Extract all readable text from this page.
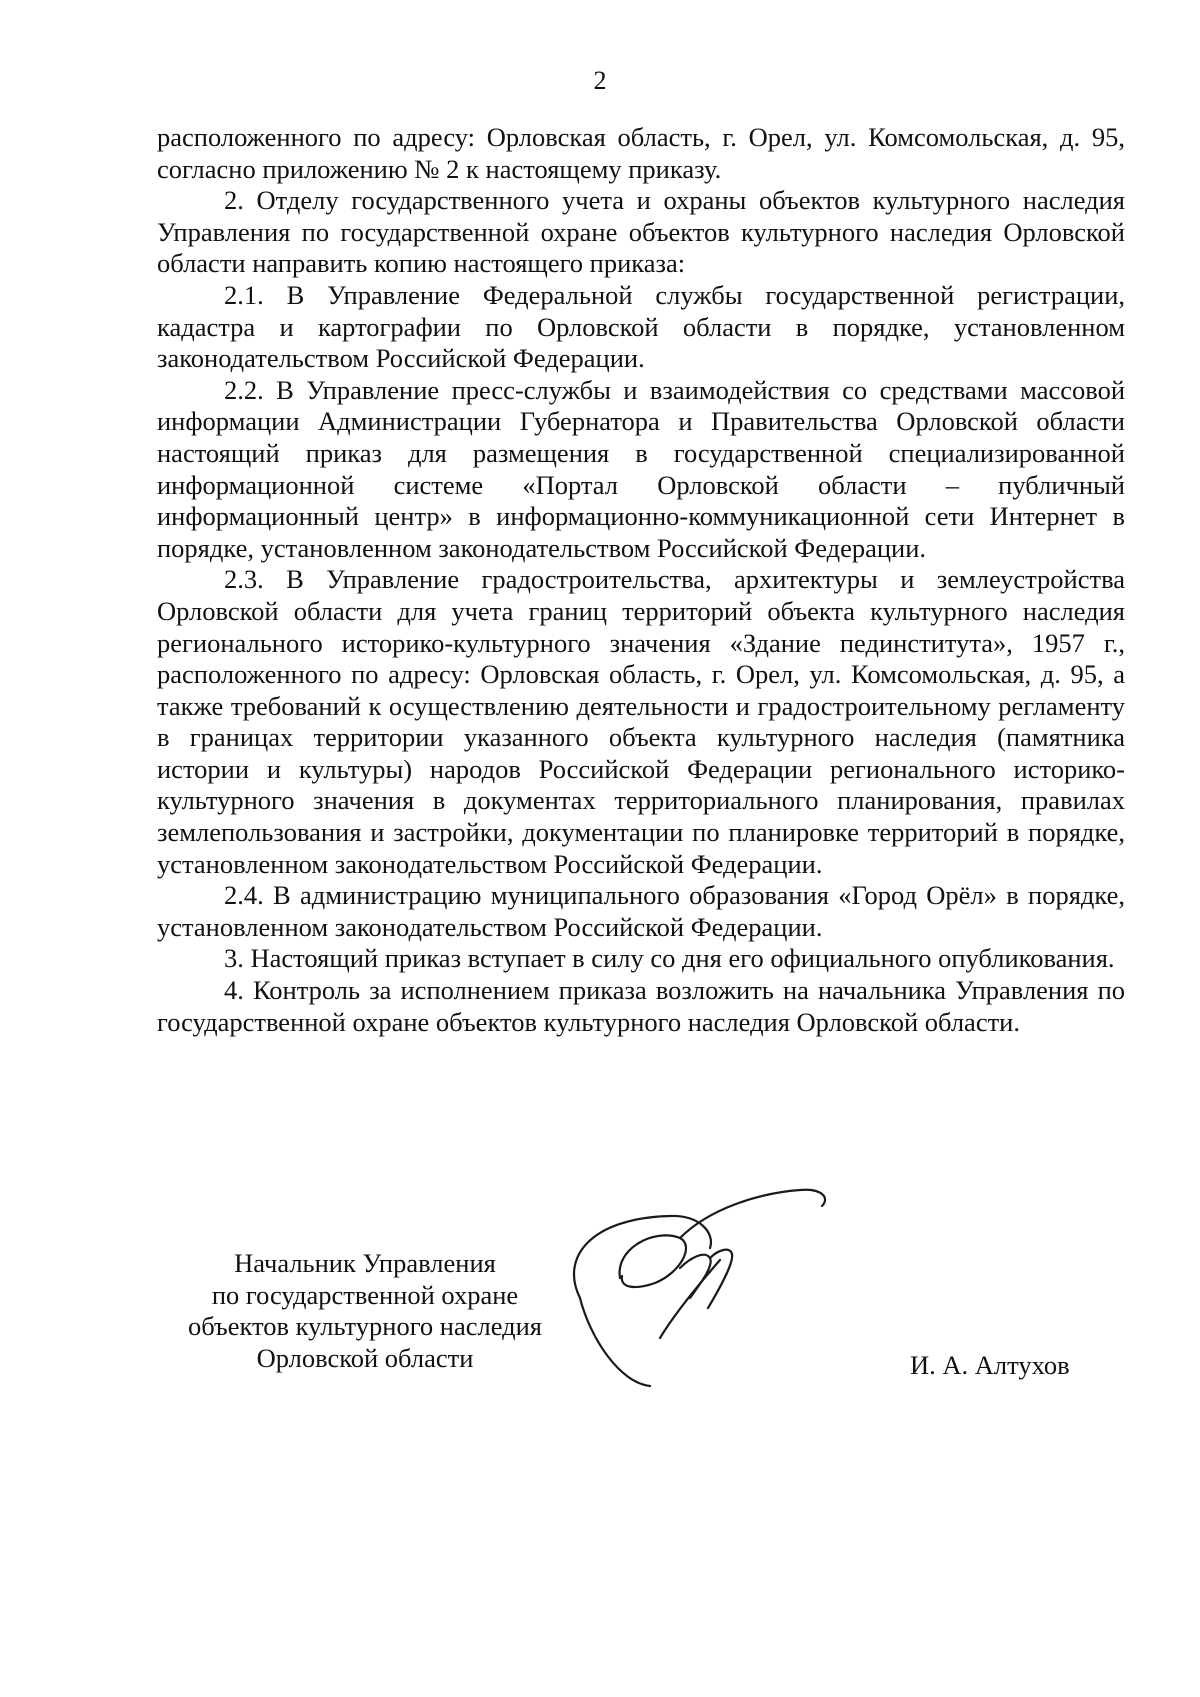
2

расположенного по адресу: Орловская область, г. Орел, ул. Комсомольская, д. 95, согласно приложению № 2 к настоящему приказу.

2. Отделу государственного учета и охраны объектов культурного наследия Управления по государственной охране объектов культурного наследия Орловской области направить копию настоящего приказа:

2.1. В Управление Федеральной службы государственной регистрации, кадастра и картографии по Орловской области в порядке, установленном законодательством Российской Федерации.

2.2. В Управление пресс-службы и взаимодействия со средствами массовой информации Администрации Губернатора и Правительства Орловской области настоящий приказ для размещения в государственной специализированной информационной системе «Портал Орловской области – публичный информационный центр» в информационно-коммуникационной сети Интернет в порядке, установленном законодательством Российской Федерации.

2.3. В Управление градостроительства, архитектуры и землеустройства Орловской области для учета границ территорий объекта культурного наследия регионального историко-культурного значения «Здание пединститута», 1957 г., расположенного по адресу: Орловская область, г. Орел, ул. Комсомольская, д. 95, а также требований к осуществлению деятельности и градостроительному регламенту в границах территории указанного объекта культурного наследия (памятника истории и культуры) народов Российской Федерации регионального историко-культурного значения в документах территориального планирования, правилах землепользования и застройки, документации по планировке территорий в порядке, установленном законодательством Российской Федерации.

2.4. В администрацию муниципального образования «Город Орёл» в порядке, установленном законодательством Российской Федерации.

3. Настоящий приказ вступает в силу со дня его официального опубликования.

4. Контроль за исполнением приказа возложить на начальника Управления по государственной охране объектов культурного наследия Орловской области.

Начальник Управления
по государственной охране
объектов культурного наследия
Орловской области	И. А. Алтухов
